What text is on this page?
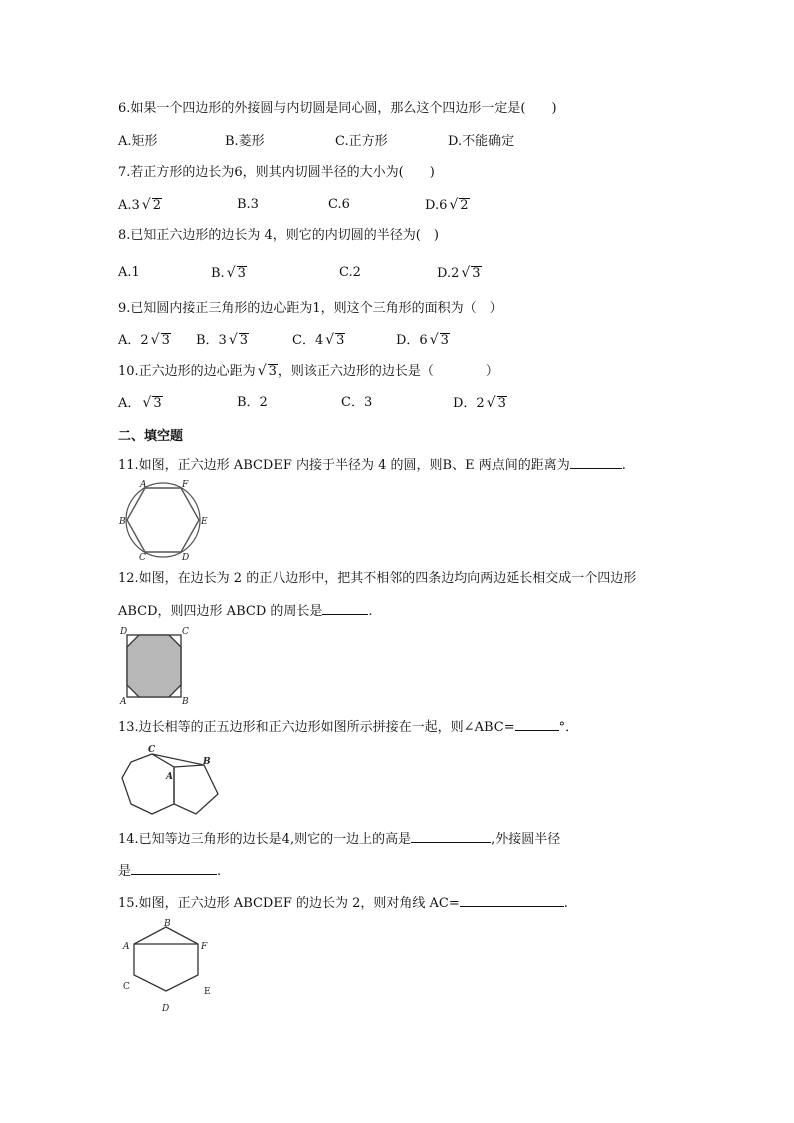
6.如果一个四边形的外接圆与内切圆是同心圆，那么这个四边形一定是(　　)
A.矩形	B.菱形	C.正方形	D.不能确定
7.若正方形的边长为6，则其内切圆半径的大小为(　　)
A.3 √ 2	B.3	C.6	D.6 √ 2
8.已知正六边形的边长为 4，则它的内切圆的半径为(　)
A.1	B. √ 3	C.2	D.2 √ 3
9.已知圆内接正三角形的边心距为1，则这个三角形的面积为（　）
A．2 √ 3 B．3 √ 3	C．4 √ 3	D．6 √ 3
10.正六边形的边心距为 √ 3，则该正六边形的边长是（　　　　）
A． √ 3	B．2	C．3	D．2 √ 3
二、填空题
11.如图，正六边形 ABCDEF 内接于半径为 4 的圆，则B、E 两点间的距离为	.
A	F
B	E
C	D
12.如图，在边长为 2 的正八边形中，把其不相邻的四条边均向两边延长相交成一个四边形
ABCD，则四边形 ABCD 的周长是	.
D	C
A	B
13.边长相等的正五边形和正六边形如图所示拼接在一起，则∠ABC=	°．
C
A
B
14.已知等边三角形的边长是4,则它的一边上的高是	,外接圆半径
是	.
15.如图，正六边形 ABCDEF 的边长为 2，则对角线 AC=	.
B
A	F
C	E
D
